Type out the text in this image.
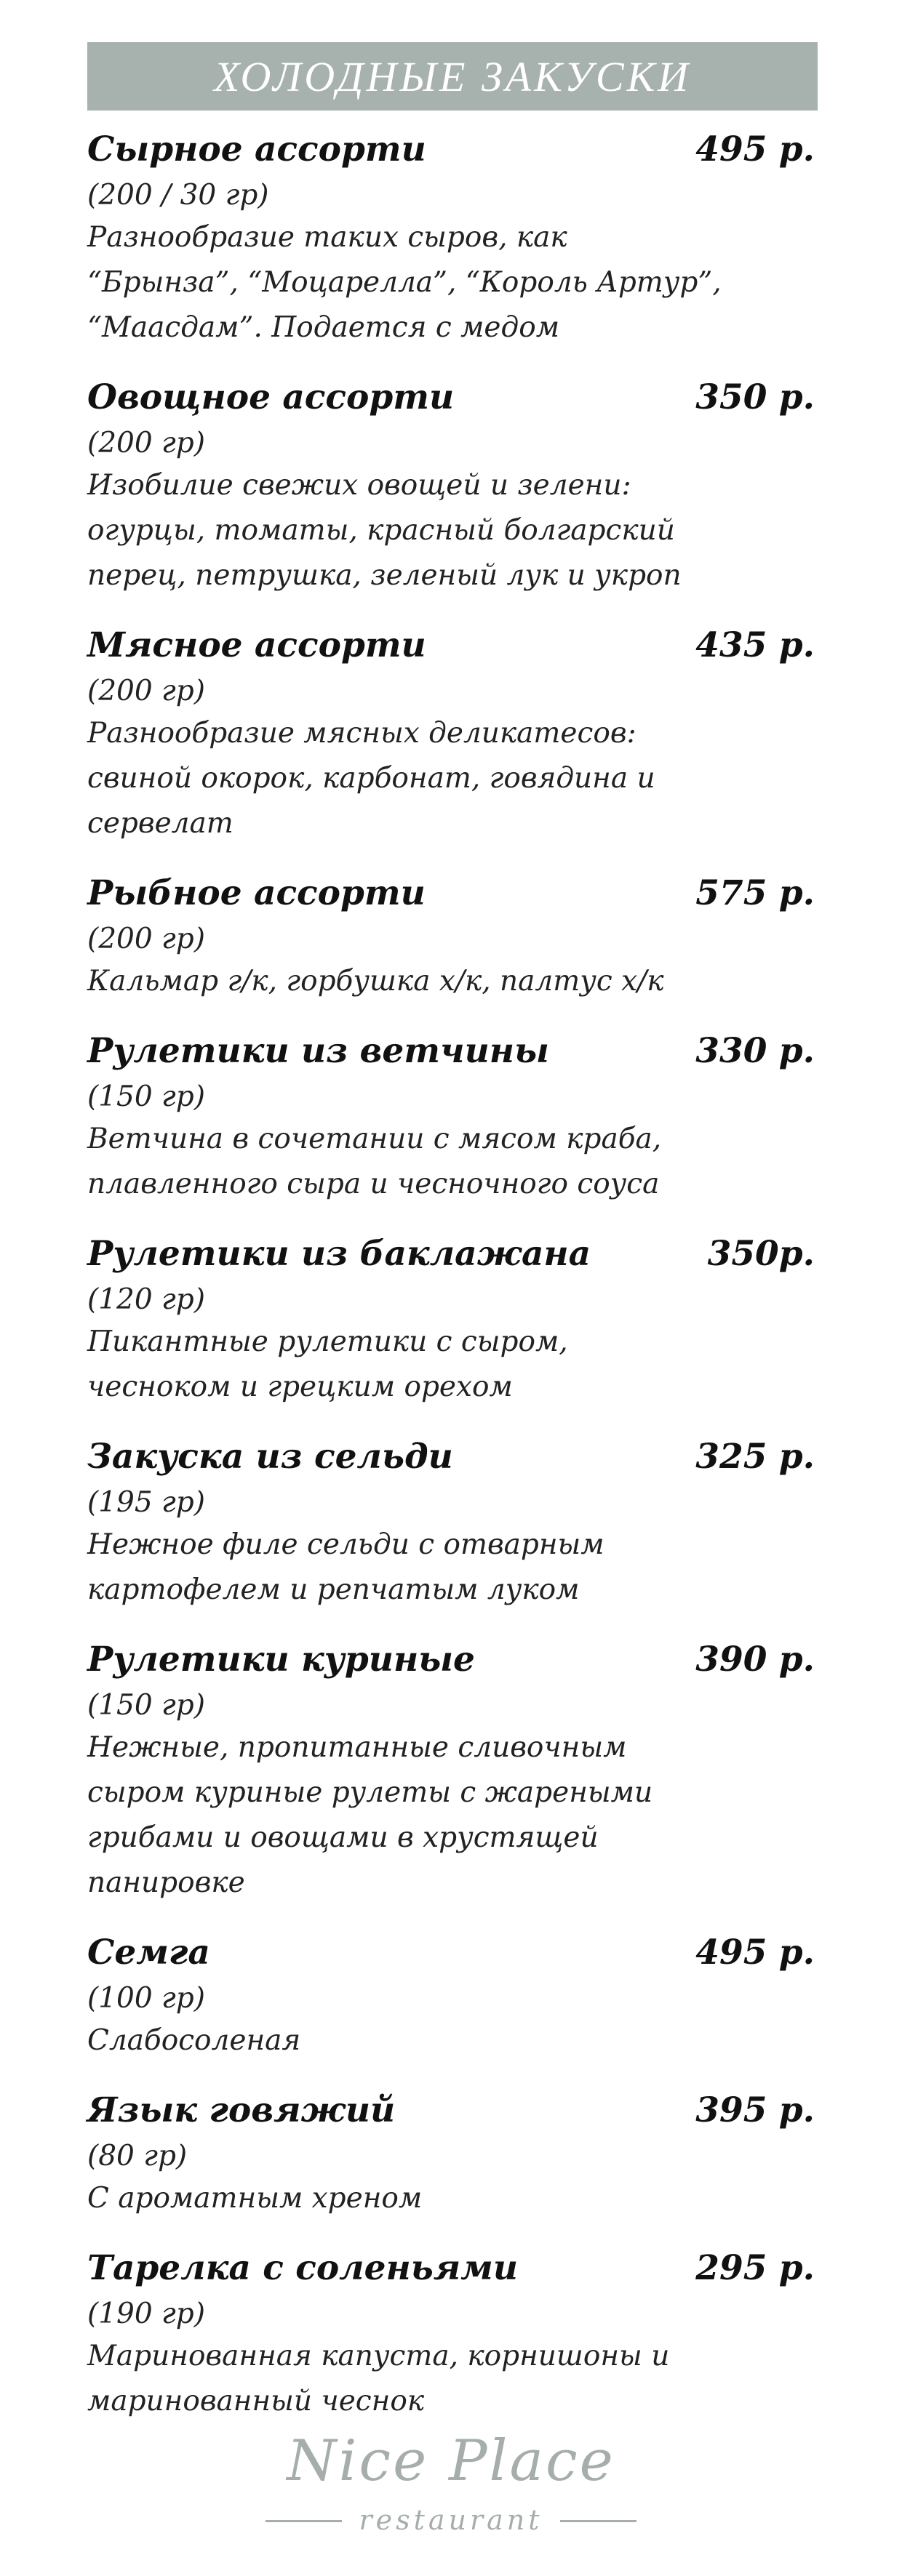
ХОЛОДНЫЕ ЗАКУСКИ
Сырное ассорти	495 р.
(200 / 30 гр)
Разнообразие таких сыров, как
“Брынза”, “Моцарелла”, “Король Артур”,
“Маасдам”. Подается с медом
Овощное ассорти	350 р.
(200 гр)
Изобилие свежих овощей и зелени:
огурцы, томаты, красный болгарский
перец, петрушка, зеленый лук и укроп
Мясное ассорти	435 р.
(200 гр)
Разнообразие мясных деликатесов:
свиной окорок, карбонат, говядина и
сервелат
Рыбное ассорти	575 р.
(200 гр)
Кальмар г/к, горбушка х/к, палтус х/к
Рулетики из ветчины	330 р.
(150 гр)
Ветчина в сочетании с мясом краба,
плавленного сыра и чесночного соуса
Рулетики из баклажана	350р.
(120 гр)
Пикантные рулетики с сыром,
чесноком и грецким орехом
Закуска из сельди	325 р.
(195 гр)
Нежное филе сельди с отварным
картофелем и репчатым луком
Рулетики куриные	390 р.
(150 гр)
Нежные, пропитанные сливочным
сыром куриные рулеты с жареными
грибами и овощами в хрустящей
панировке
Семга	495 р.
(100 гр)
Слабосоленая
Язык говяжий	395 р.
(80 гр)
С ароматным хреном
Тарелка с соленьями	295 р.
(190 гр)
Маринованная капуста, корнишоны и
маринованный чеснок
Nice Place
restaurant
